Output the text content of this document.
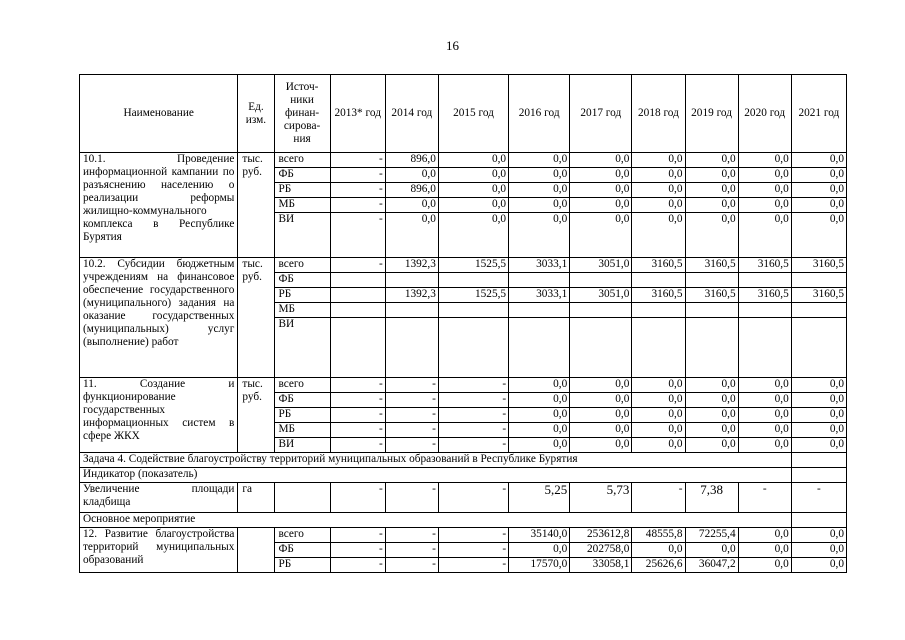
16
Наименование	Ед. изм.	Источ-ники финан-сирова-ния	2013* год	2014 год	2015 год	2016 год	2017 год	2018 год	2019 год	2020 год	2021 год
10.1. Проведение информационной кампании по разъяснению населению о реализации реформы жилищно-коммунального комплекса в Республике Бурятия	тыс. руб.	всего	-	896,0	0,0	0,0	0,0	0,0	0,0	0,0	0,0
		ФБ	-	0,0	0,0	0,0	0,0	0,0	0,0	0,0	0,0
		РБ	-	896,0	0,0	0,0	0,0	0,0	0,0	0,0	0,0
		МБ	-	0,0	0,0	0,0	0,0	0,0	0,0	0,0	0,0
		ВИ	-	0,0	0,0	0,0	0,0	0,0	0,0	0,0	0,0
10.2. Субсидии бюджетным учреждениям на финансовое обеспечение государственного (муниципального) задания на оказание государственных (муниципальных) услуг (выполнение) работ	тыс. руб.	всего	-	1392,3	1525,5	3033,1	3051,0	3160,5	3160,5	3160,5	3160,5
		ФБ									
		РБ		1392,3	1525,5	3033,1	3051,0	3160,5	3160,5	3160,5	3160,5
		МБ									
		ВИ									
11. Создание и функционирование государственных информационных систем в сфере ЖКХ	тыс. руб.	всего	-	-	-	0,0	0,0	0,0	0,0	0,0	0,0
		ФБ	-	-	-	0,0	0,0	0,0	0,0	0,0	0,0
		РБ	-	-	-	0,0	0,0	0,0	0,0	0,0	0,0
		МБ	-	-	-	0,0	0,0	0,0	0,0	0,0	0,0
		ВИ	-	-	-	0,0	0,0	0,0	0,0	0,0	0,0
Задача 4. Содействие благоустройству территорий муниципальных образований в Республике Бурятия											
Индикатор (показатель)											
Увеличение площади кладбища	га		-	-	-	5,25	5,73	-	7,38	-	-
Основное мероприятие											
12. Развитие благоустройства территорий муниципальных образований		всего	-	-	-	35140,0	253612,8	48555,8	72255,4	0,0	0,0
		ФБ	-	-	-	0,0	202758,0	0,0	0,0	0,0	0,0
		РБ	-	-	-	17570,0	33058,1	25626,6	36047,2	0,0	0,0
